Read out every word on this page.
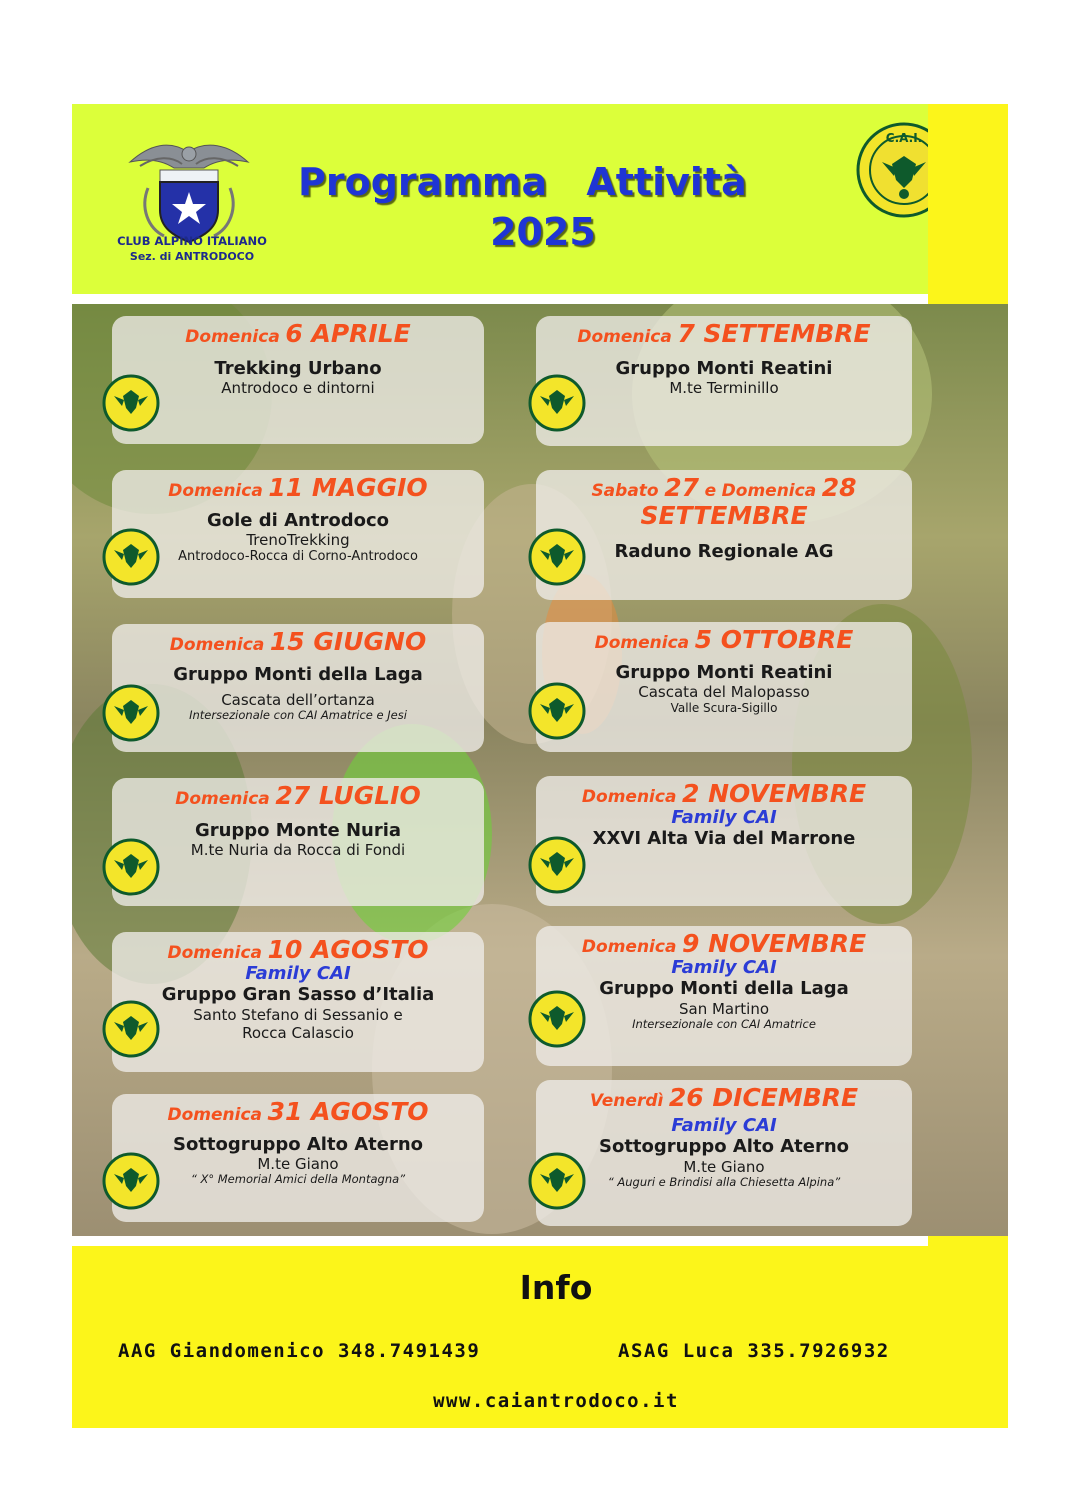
CLUB ALPINO ITALIANO
Sez. di ANTRODOCO
Programma Attività
2025
C.A.I.
Domenica 6 APRILE
Trekking Urbano
Antrodoco e dintorni
Domenica 11 MAGGIO
Gole di Antrodoco
TrenoTrekking
Antrodoco-Rocca di Corno-Antrodoco
Domenica 15 GIUGNO
Gruppo Monti della Laga
Cascata dell’ortanza
Intersezionale con CAI Amatrice e Jesi
Domenica 27 LUGLIO
Gruppo Monte Nuria
M.te Nuria da Rocca di Fondi
Domenica 10 AGOSTO
Family CAI
Gruppo Gran Sasso d’Italia
Santo Stefano di Sessanio e
Rocca Calascio
Domenica 31 AGOSTO
Sottogruppo Alto Aterno
M.te Giano
“ X° Memorial Amici della Montagna”
Domenica 7 SETTEMBRE
Gruppo Monti Reatini
M.te Terminillo
Sabato 27 e Domenica 28
SETTEMBRE
Raduno Regionale AG
Domenica 5 OTTOBRE
Gruppo Monti Reatini
Cascata del Malopasso
Valle Scura-Sigillo
Domenica 2 NOVEMBRE
Family CAI
XXVI Alta Via del Marrone
Domenica 9 NOVEMBRE
Family CAI
Gruppo Monti della Laga
San Martino
Intersezionale con CAI Amatrice
Venerdì 26 DICEMBRE
Family CAI
Sottogruppo Alto Aterno
M.te Giano
“ Auguri e Brindisi alla Chiesetta Alpina”
Info
AAG Giandomenico 348.7491439	ASAG Luca 335.7926932
www.caiantrodoco.it
